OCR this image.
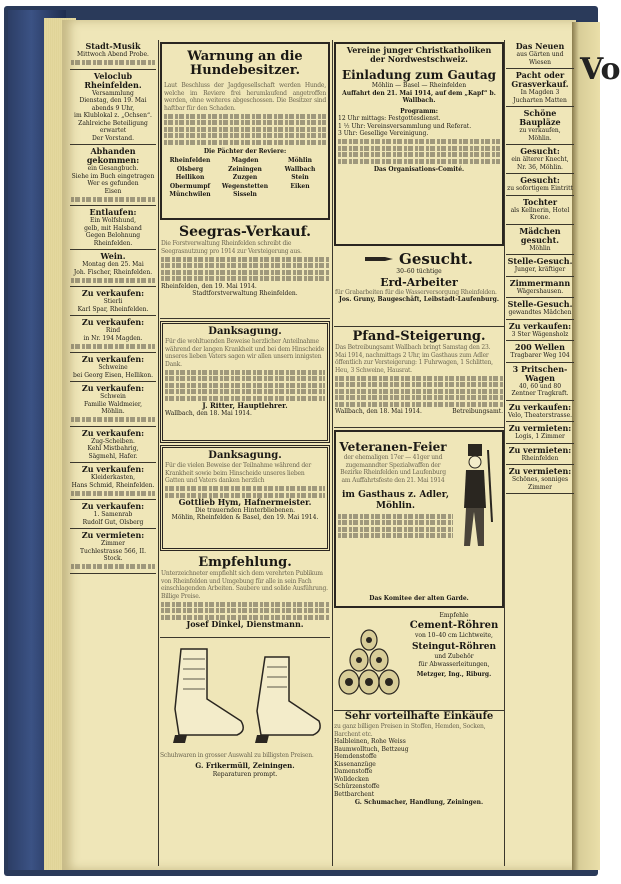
Vo
Stadt-Musik
Mittwoch Abend Probe.
Veloclub Rheinfelden.
Versammlung
Dienstag, den 19. Mai
abends 9 Uhr,
im Klublokal z. „Ochsen“.
Zahlreiche Beteiligung erwartet
Der Vorstand.
Abhanden gekommen:
ein Gesangbuch.
Siehe im Buch eingetragen
Wer es gefunden
Eisen
Entlaufen:
Ein Wolfshund,
gelb, mit Halsband
Gegen Belohnung
Rheinfelden.
Wein.
Montag den 25. Mai
Joh. Fischer, Rheinfelden.
Zu verkaufen:
Stierli
Karl Spar, Rheinfelden.
Zu verkaufen:
Rind
in Nr. 194 Magden.
Zu verkaufen:
Schweine
bei Georg Eisen, Hellikon.
Zu verkaufen:
Schwein
Familie Waldmeier,
Möhlin.
Zu verkaufen:
Zug-Scheiben.
Kehl Mistbahrig,
Sägmehl, Hafer.
Zu verkaufen:
Kleiderkasten,
Hans Schmid, Rheinfelden.
Zu verkaufen:
1. Samenrab
Rudolf Gut, Olsberg
Zu vermieten:
Zimmer
Tuchlestrasse 566, II. Stock.
Warnung an die Hundebesitzer.
Laut Beschluss der Jagdgesellschaft werden Hunde, welche im Reviere frei herumlaufend angetroffen werden, ohne weiteres abgeschossen. Die Besitzer sind haftbar für den Schaden.
Die Pächter der Reviere:
Rheinfelden	Magden	Möhlin
Olsberg	Zeiningen	Wallbach
Hellikon	Zuzgen	Stein
Obermumpf	Wegenstetten	Eiken
Münchwilen	Sisseln
Seegras-Verkauf.
Die Forstverwaltung Rheinfelden schreibt die Seegrasnutzung pro 1914 zur Versteigerung aus.
Rheinfelden, den 19. Mai 1914.
Stadtforstverwaltung Rheinfelden.
Danksagung.
Für die wohltuenden Beweise herzlicher Anteilnahme während der langen Krankheit und bei dem Hinscheide unseres lieben Vaters sagen wir allen unsern innigsten Dank.
J. Ritter, Hauptlehrer.
Wallbach, den 18. Mai 1914.
Danksagung.
Für die vielen Beweise der Teilnahme während der Krankheit sowie beim Hinscheide unseres lieben Gatten und Vaters danken herzlich
Gottlieb Hym, Hafnermeister.
Die trauernden Hinterbliebenen.
Möhlin, Rheinfelden & Basel, den 19. Mai 1914.
Empfehlung.
Unterzeichneter empfiehlt sich dem verehrten Publikum von Rheinfelden und Umgebung für alle in sein Fach einschlagenden Arbeiten. Saubere und solide Ausführung. Billige Preise.
Josef Dinkel, Dienstmann.
Schuhwaren in grosser Auswahl zu billigsten Preisen.
G. Frikermüll, Zeiningen.
Reparaturen prompt.
Vereine junger Christkatholiken der Nordwestschweiz.
Einladung zum Gautag
Möhlin — Basel — Rheinfelden
Auffahrt den 21. Mai 1914, auf dem „Kapf“ b. Wallbach.
Programm:
12 Uhr mittags: Festgottesdienst.
1 ½ Uhr: Vereinsversammlung und Referat.
3 Uhr: Gesellige Vereinigung.
Das Organisations-Comité.
Gesucht.
30–60 tüchtige
Erd-Arbeiter
für Grabarbeiten für die Wasserversorgung Rheinfelden.
Jos. Gruny, Baugeschäft, Leibstadt-Laufenburg.
Pfand-Steigerung.
Das Betreibungsamt Wallbach bringt Samstag den 23. Mai 1914, nachmittags 2 Uhr, im Gasthaus zum Adler öffentlich zur Versteigerung: 1 Fuhrwagen, 1 Schlitten, Heu, 3 Schweine, Hausrat.
Wallbach, den 18. Mai 1914.	Betreibungsamt.
Veteranen-Feier
der ehemaligen 17er — 41ger und zugemanndter Spezialwaffen der Bezirke Rheinfelden und Laufenburg am Auffahrtsfeste den 21. Mai 1914
im Gasthaus z. Adler, Möhlin.
Das Komitee der alten Garde.
Empfehle
Cement-Röhren
von 10–40 cm Lichtweite,
Steingut-Röhren
und Zubehör
für Abwasserleitungen,
Metzger, Ing., Riburg.
Sehr vorteilhafte Einkäufe
zu ganz billigen Preisen in Stoffen, Hemden, Socken, Barchent etc.
Halbleinen, Rohe Weiss
Baumwolltuch, Bettzeug
Hemdenstoffe
Kissenanzüge
Damenstoffe
Wolldecken
Schürzenstoffe
Bettbarchent
G. Schumacher, Handlung, Zeiningen.
Das Neuen
aus Gärten und Wiesen
Pacht oder Grasverkauf.
In Magden 3 Jucharten Matten
Schöne Baupläze
zu verkaufen, Möhlin.
Gesucht:
ein älterer Knecht, Nr. 36, Möhlin.
Gesucht:
zu sofortigem Eintritt
Tochter
als Kellnerin, Hotel Krone.
Mädchen gesucht.
Möhlin
Stelle-Gesuch.
Junger, kräftiger
Zimmermann
Wägershausen.
Stelle-Gesuch.
gewandtes Mädchen
Zu verkaufen:
3 Ster Wägensholz
200 Wellen
Tragbarer Weg 104
3 Pritschen-Wagen
40, 60 und 80 Zentner Tragkraft.
Zu verkaufen:
Velo, Theaterstrasse.
Zu vermieten:
Logis, 1 Zimmer
Zu vermieten:
Rheinfelden
Zu vermieten:
Schönes, sonniges Zimmer
